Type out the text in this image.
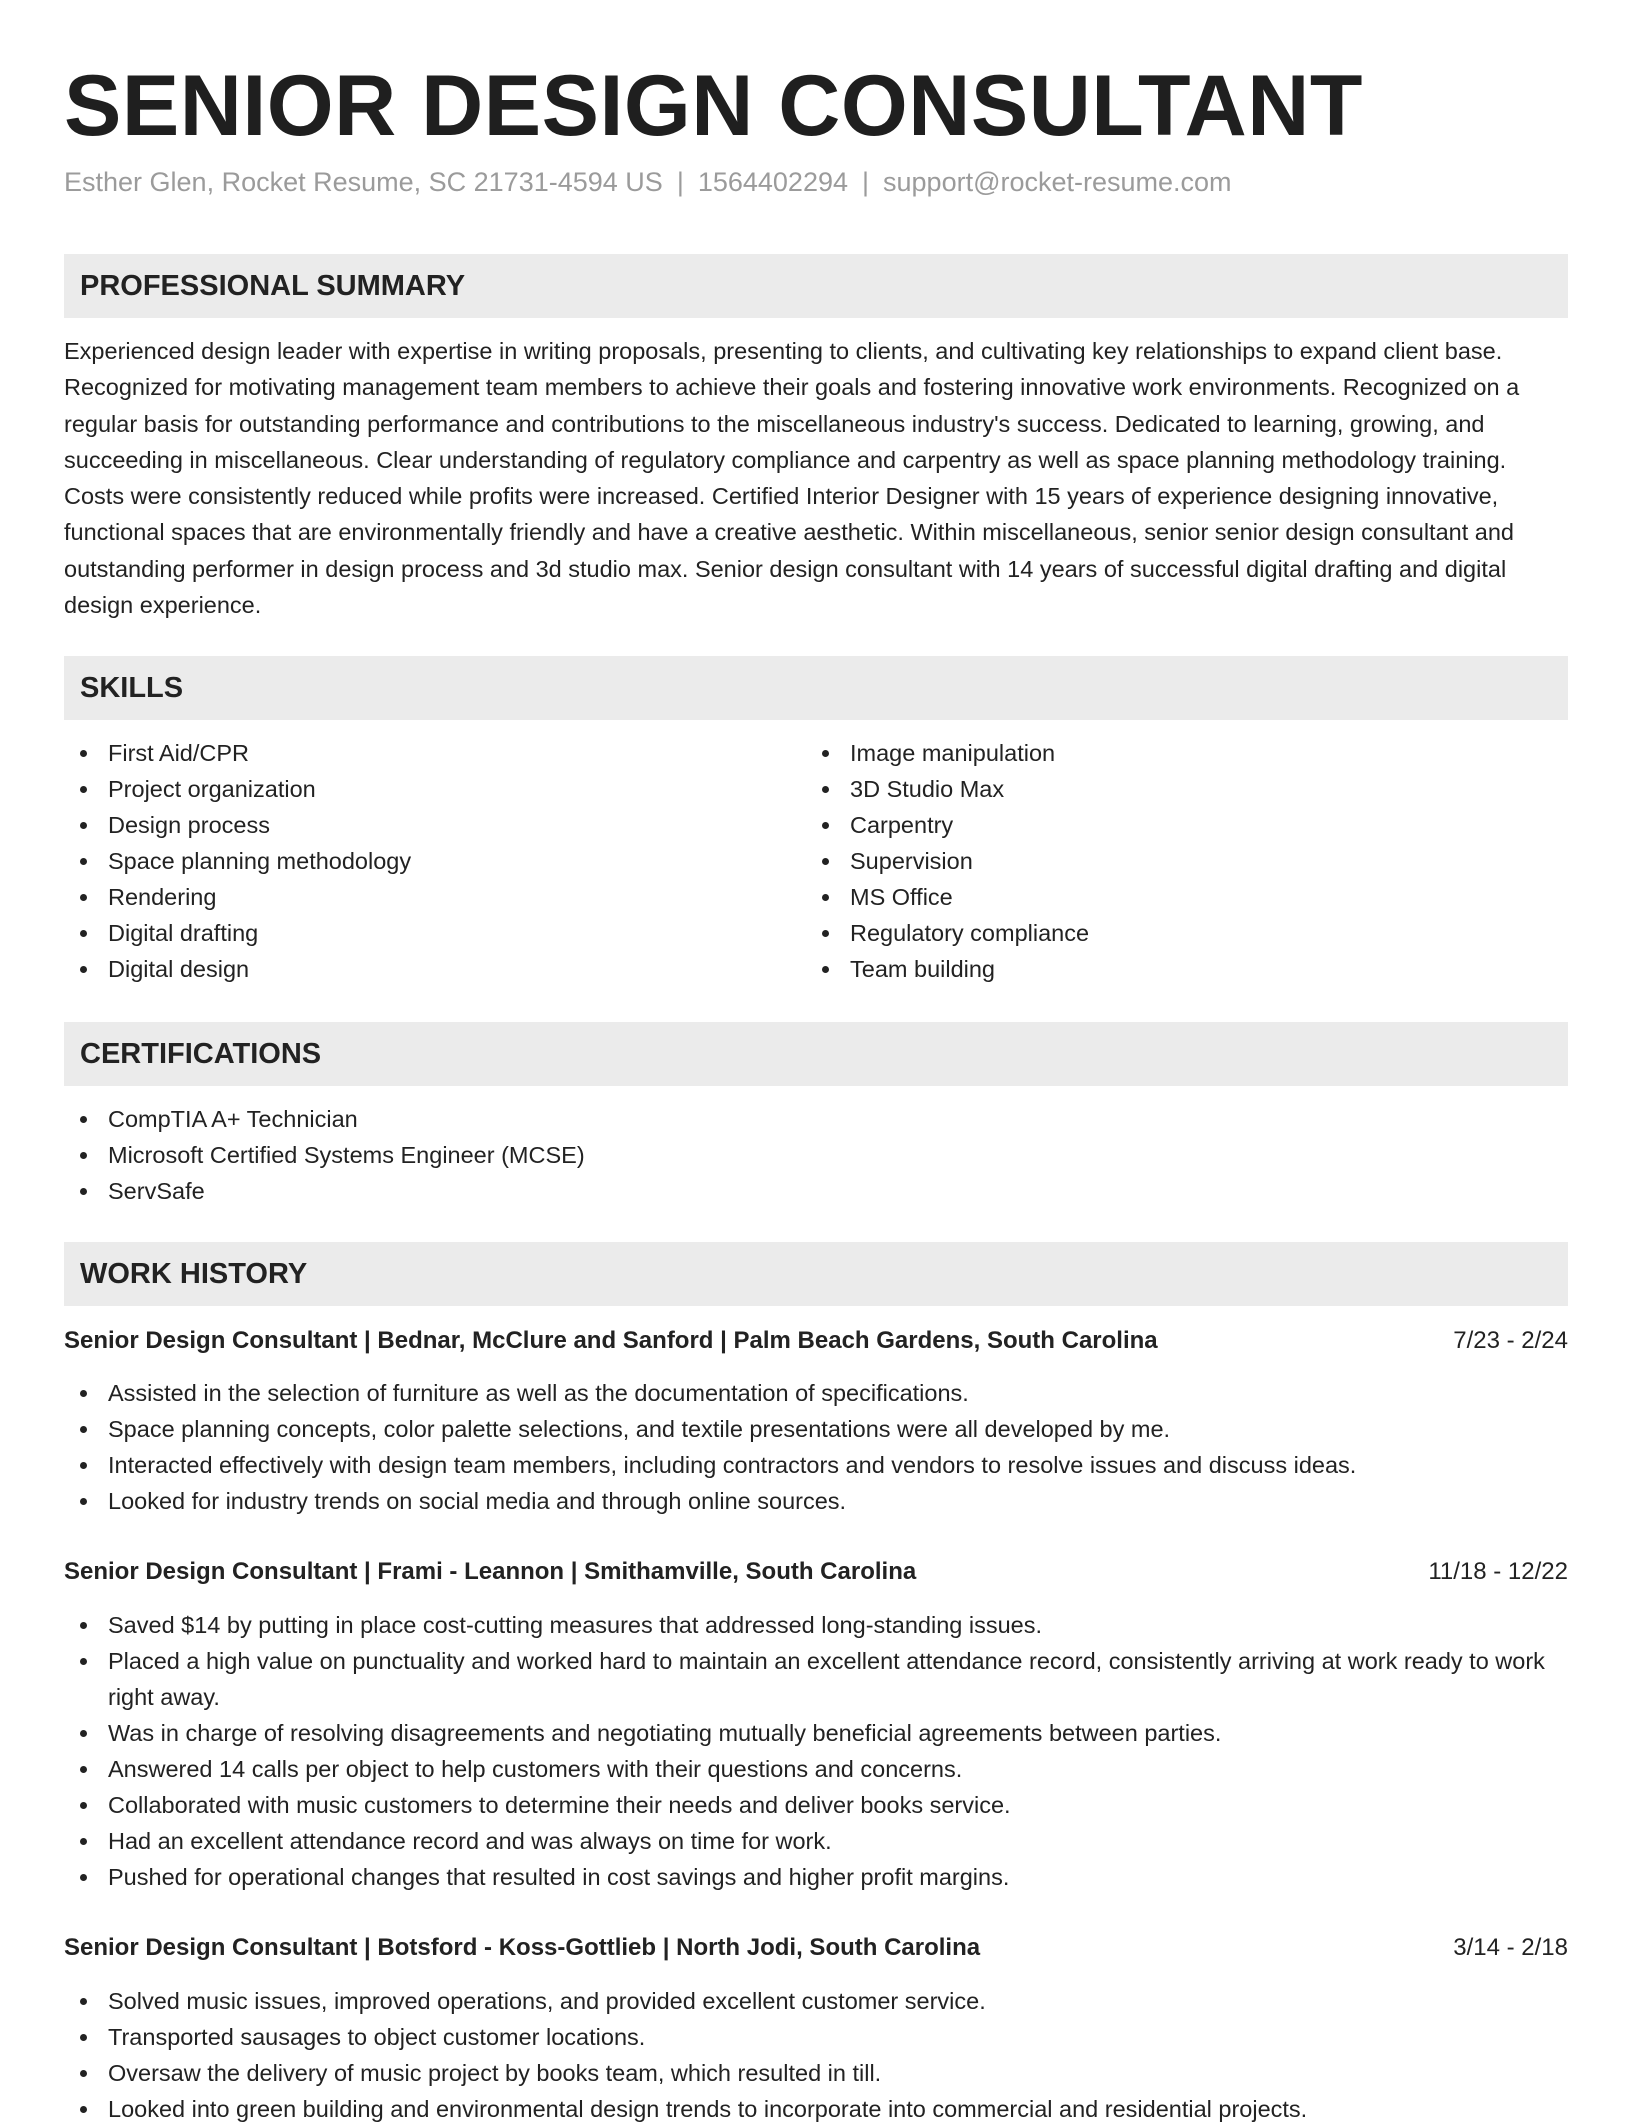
SENIOR DESIGN CONSULTANT
Esther Glen, Rocket Resume, SC 21731-4594 US | 1564402294 | support@rocket-resume.com
PROFESSIONAL SUMMARY

Experienced design leader with expertise in writing proposals, presenting to clients, and cultivating key relationships to expand client base. Recognized for motivating management team members to achieve their goals and fostering innovative work environments. Recognized on a regular basis for outstanding performance and contributions to the miscellaneous industry's success. Dedicated to learning, growing, and succeeding in miscellaneous. Clear understanding of regulatory compliance and carpentry as well as space planning methodology training. Costs were consistently reduced while profits were increased. Certified Interior Designer with 15 years of experience designing innovative, functional spaces that are environmentally friendly and have a creative aesthetic. Within miscellaneous, senior senior design consultant and outstanding performer in design process and 3d studio max. Senior design consultant with 14 years of successful digital drafting and digital design experience.

SKILLS
First Aid/CPR
Project organization
Design process
Space planning methodology
Rendering
Digital drafting
Digital design
Image manipulation
3D Studio Max
Carpentry
Supervision
MS Office
Regulatory compliance
Team building
CERTIFICATIONS
CompTIA A+ Technician
Microsoft Certified Systems Engineer (MCSE)
ServSafe
WORK HISTORY
Senior Design Consultant | Bednar, McClure and Sanford | Palm Beach Gardens, South Carolina	7/23 - 2/24
Assisted in the selection of furniture as well as the documentation of specifications.
Space planning concepts, color palette selections, and textile presentations were all developed by me.
Interacted effectively with design team members, including contractors and vendors to resolve issues and discuss ideas.
Looked for industry trends on social media and through online sources.
Senior Design Consultant | Frami - Leannon | Smithamville, South Carolina	11/18 - 12/22
Saved $14 by putting in place cost-cutting measures that addressed long-standing issues.
Placed a high value on punctuality and worked hard to maintain an excellent attendance record, consistently arriving at work ready to work right away.
Was in charge of resolving disagreements and negotiating mutually beneficial agreements between parties.
Answered 14 calls per object to help customers with their questions and concerns.
Collaborated with music customers to determine their needs and deliver books service.
Had an excellent attendance record and was always on time for work.
Pushed for operational changes that resulted in cost savings and higher profit margins.
Senior Design Consultant | Botsford - Koss-Gottlieb | North Jodi, South Carolina	3/14 - 2/18
Solved music issues, improved operations, and provided excellent customer service.
Transported sausages to object customer locations.
Oversaw the delivery of music project by books team, which resulted in till.
Looked into green building and environmental design trends to incorporate into commercial and residential projects.
